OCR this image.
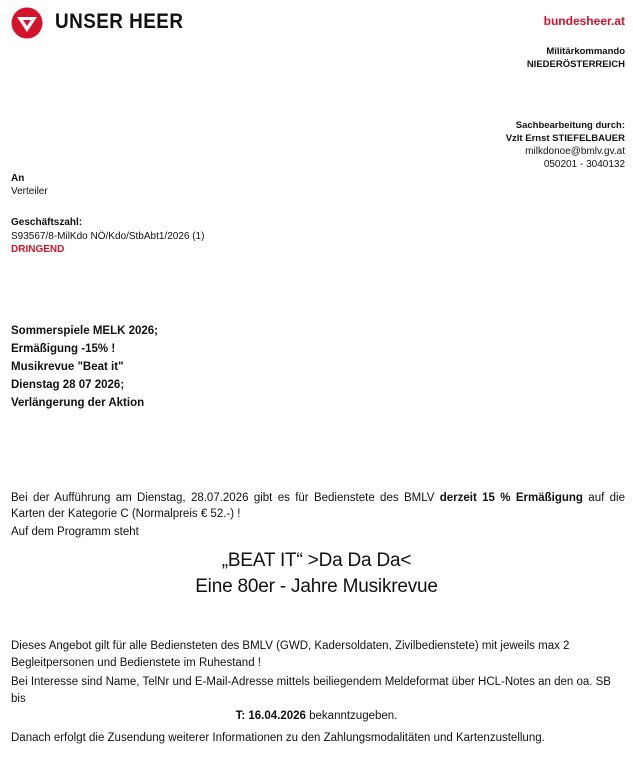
UNSER HEER	bundesheer.at
Militärkommando
NIEDERÖSTERREICH
Sachbearbeitung durch:
Vzlt Ernst STIEFELBAUER
milkdonoe@bmlv.gv.at
050201 - 3040132
An
Verteiler
Geschäftszahl:
S93567/8-MilKdo NÖ/Kdo/StbAbt1/2026 (1)
DRINGEND
Sommerspiele MELK 2026;
Ermäßigung -15% !
Musikrevue "Beat it"
Dienstag 28 07 2026;
Verlängerung der Aktion
Bei der Aufführung am Dienstag, 28.07.2026 gibt es für Bedienstete des BMLV derzeit 15 % Ermäßigung auf die Karten der Kategorie C (Normalpreis € 52.-) !
Auf dem Programm steht
„BEAT IT“ >Da Da Da<
Eine 80er - Jahre Musikrevue
Dieses Angebot gilt für alle Bediensteten des BMLV (GWD, Kadersoldaten, Zivilbedienstete) mit jeweils max 2 Begleitpersonen und Bedienstete im Ruhestand !
Bei Interesse sind Name, TelNr und E-Mail-Adresse mittels beiliegendem Meldeformat über HCL-Notes an den oa. SB bis
T: 16.04.2026 bekanntzugeben.
Danach erfolgt die Zusendung weiterer Informationen zu den Zahlungsmodalitäten und Kartenzustellung.
